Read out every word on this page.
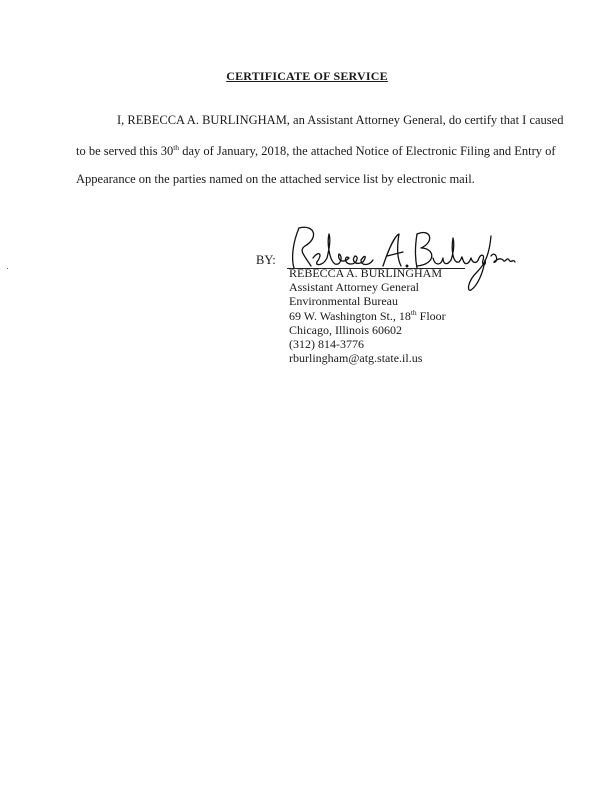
CERTIFICATE OF SERVICE
I, REBECCA A. BURLINGHAM, an Assistant Attorney General, do certify that I caused
to be served this 30th day of January, 2018, the attached Notice of Electronic Filing and Entry of
Appearance on the parties named on the attached service list by electronic mail.
BY:
REBECCA A. BURLINGHAM
Assistant Attorney General
Environmental Bureau
69 W. Washington St., 18th Floor
Chicago, Illinois 60602
(312) 814-3776
rburlingham@atg.state.il.us
